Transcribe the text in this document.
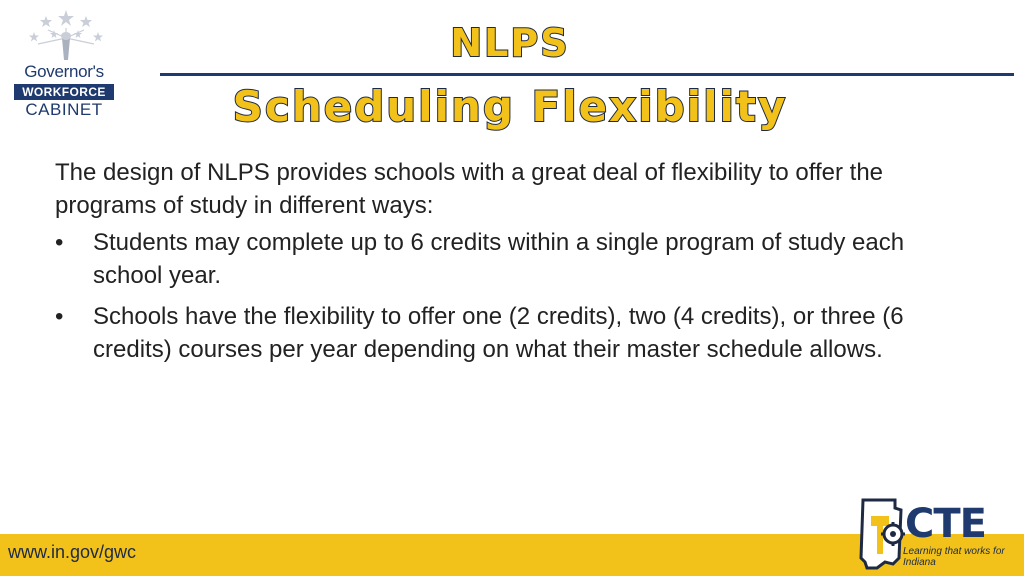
Governor's
WORKFORCE
CABINET
NLPS
Scheduling Flexibility

The design of NLPS provides schools with a great deal of flexibility to offer the programs of study in different ways:

•	Students may complete up to 6 credits within a single program of study each school year.
•	Schools have the flexibility to offer one (2 credits), two (4 credits), or three (6 credits) courses per year depending on what their master schedule allows.
www.in.gov/gwc
CTE
Learning that works for Indiana
